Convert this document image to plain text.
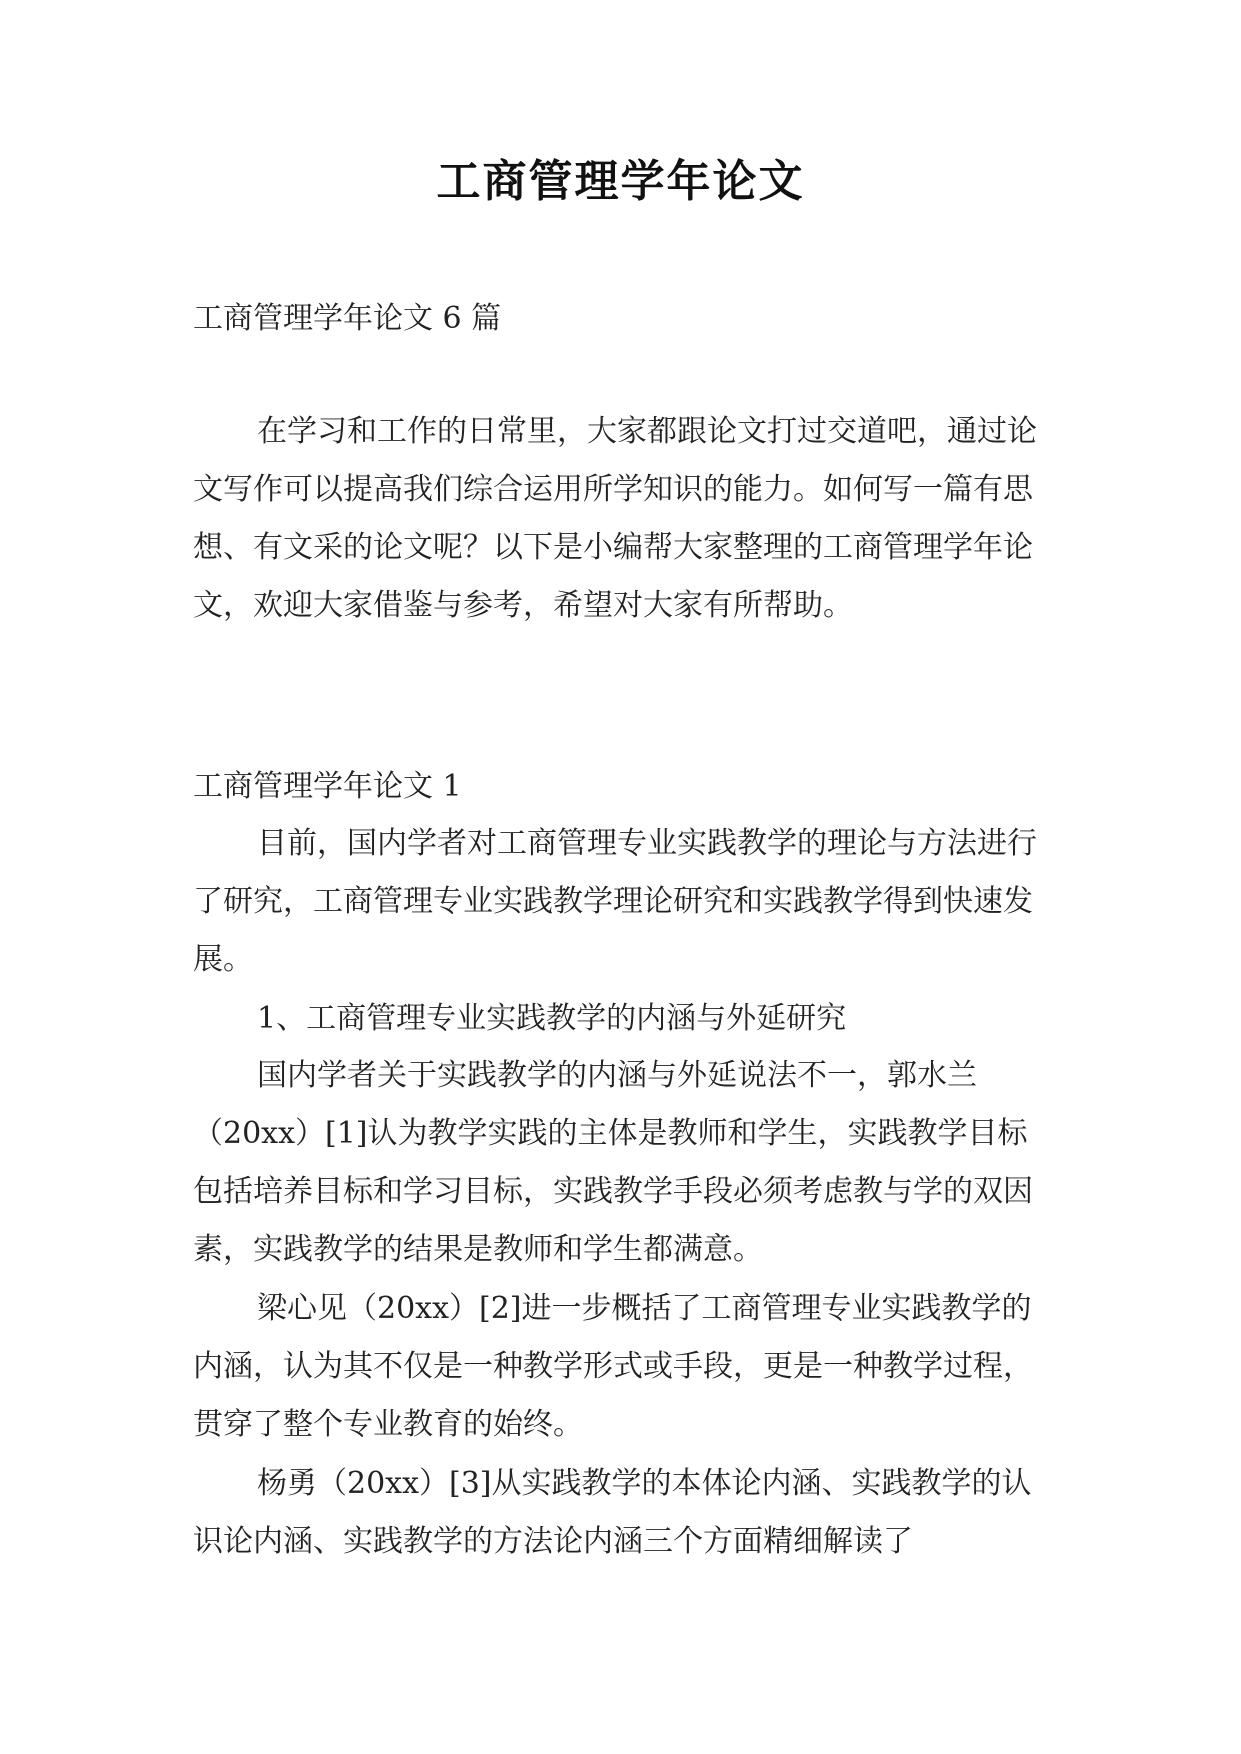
工商管理学年论文

工商管理学年论文 6 篇

在学习和工作的日常里，大家都跟论文打过交道吧，通过论文写作可以提高我们综合运用所学知识的能力。如何写一篇有思想、有文采的论文呢？以下是小编帮大家整理的工商管理学年论文，欢迎大家借鉴与参考，希望对大家有所帮助。

工商管理学年论文 1

目前，国内学者对工商管理专业实践教学的理论与方法进行了研究，工商管理专业实践教学理论研究和实践教学得到快速发展。

1、工商管理专业实践教学的内涵与外延研究

国内学者关于实践教学的内涵与外延说法不一，郭水兰（20xx）[1]认为教学实践的主体是教师和学生，实践教学目标包括培养目标和学习目标，实践教学手段必须考虑教与学的双因素，实践教学的结果是教师和学生都满意。

梁心见（20xx）[2]进一步概括了工商管理专业实践教学的内涵，认为其不仅是一种教学形式或手段，更是一种教学过程，贯穿了整个专业教育的始终。

杨勇（20xx）[3]从实践教学的本体论内涵、实践教学的认识论内涵、实践教学的方法论内涵三个方面精细解读了
